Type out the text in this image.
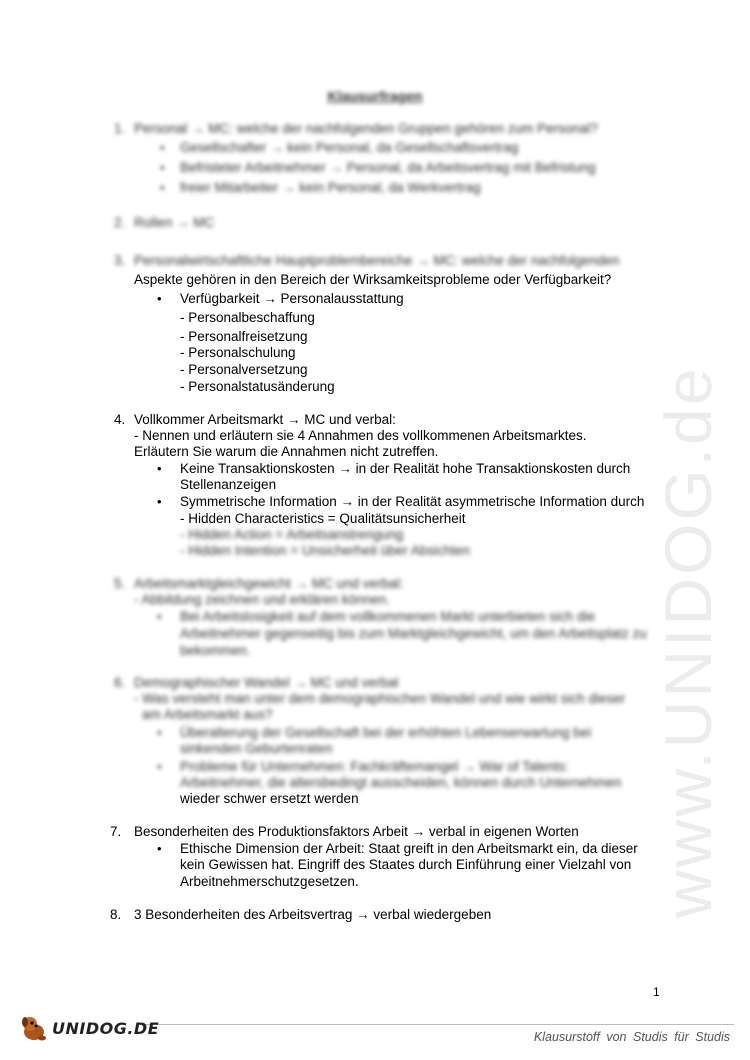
www.UNIDOG.de
Klausurfragen
1. Personal → MC: welche der nachfolgenden Gruppen gehören zum Personal?
• Gesellschafter → kein Personal, da Gesellschaftsvertrag
• Befristeter Arbeitnehmer → Personal, da Arbeitsvertrag mit Befristung
• freier Mitarbeiter → kein Personal, da Werkvertrag
2. Rollen → MC
3. Personalwirtschaftliche Hauptproblembereiche → MC: welche der nachfolgenden
Aspekte gehören in den Bereich der Wirksamkeitsprobleme oder Verfügbarkeit?
• Verfügbarkeit → Personalausstattung
- Personalbeschaffung
- Personalfreisetzung
- Personalschulung
- Personalversetzung
- Personalstatusänderung
4. Vollkommer Arbeitsmarkt → MC und verbal:
- Nennen und erläutern sie 4 Annahmen des vollkommenen Arbeitsmarktes.
Erläutern Sie warum die Annahmen nicht zutreffen.
• Keine Transaktionskosten → in der Realität hohe Transaktionskosten durch
Stellenanzeigen
• Symmetrische Information → in der Realität asymmetrische Information durch
- Hidden Characteristics = Qualitätsunsicherheit
- Hidden Action = Arbeitsanstrengung
- Hidden Intention = Unsicherheit über Absichten
5. Arbeitsmarktgleichgewicht → MC und verbal:
- Abbildung zeichnen und erklären können.
• Bei Arbeitslosigkeit auf dem vollkommenen Markt unterbieten sich die
Arbeitnehmer gegenseitig bis zum Marktgleichgewicht, um den Arbeitsplatz zu
bekommen.
6. Demographischer Wandel → MC und verbal
- Was versteht man unter dem demographischen Wandel und wie wirkt sich dieser
am Arbeitsmarkt aus?
• Überalterung der Gesellschaft bei der erhöhten Lebenserwartung bei
sinkenden Geburtenraten
• Probleme für Unternehmen: Fachkräftemangel → War of Talents:
Arbeitnehmer, die altersbedingt ausscheiden, können durch Unternehmen
wieder schwer ersetzt werden
7. Besonderheiten des Produktionsfaktors Arbeit → verbal in eigenen Worten
• Ethische Dimension der Arbeit: Staat greift in den Arbeitsmarkt ein, da dieser
kein Gewissen hat. Eingriff des Staates durch Einführung einer Vielzahl von
Arbeitnehmerschutzgesetzen.
8. 3 Besonderheiten des Arbeitsvertrag → verbal wiedergeben
1
UNIDOG.DE	Klausurstoff von Studis für Studis
